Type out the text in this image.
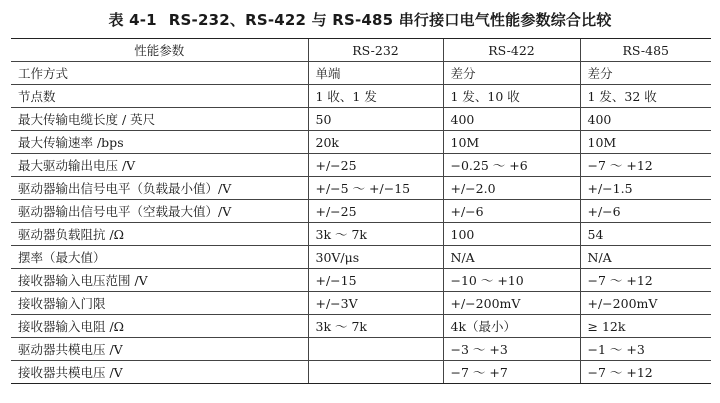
表 4-1 RS-232、RS-422 与 RS-485 串行接口电气性能参数综合比较
性能参数	RS-232	RS-422	RS-485
工作方式	单端	差分	差分
节点数	1 收、1 发	1 发、10 收	1 发、32 收
最大传输电缆长度 / 英尺	50	400	400
最大传输速率 /bps	20k	10M	10M
最大驱动输出电压 /V	+/−25	−0.25 ～ +6	−7 ～ +12
驱动器输出信号电平（负载最小值）/V	+/−5 ～ +/−15	+/−2.0	+/−1.5
驱动器输出信号电平（空载最大值）/V	+/−25	+/−6	+/−6
驱动器负载阻抗 /Ω	3k ～ 7k	100	54
摆率（最大值）	30V/μs	N/A	N/A
接收器输入电压范围 /V	+/−15	−10 ～ +10	−7 ～ +12
接收器输入门限	+/−3V	+/−200mV	+/−200mV
接收器输入电阻 /Ω	3k ～ 7k	4k（最小）	≥ 12k
驱动器共模电压 /V		−3 ～ +3	−1 ～ +3
接收器共模电压 /V		−7 ～ +7	−7 ～ +12
